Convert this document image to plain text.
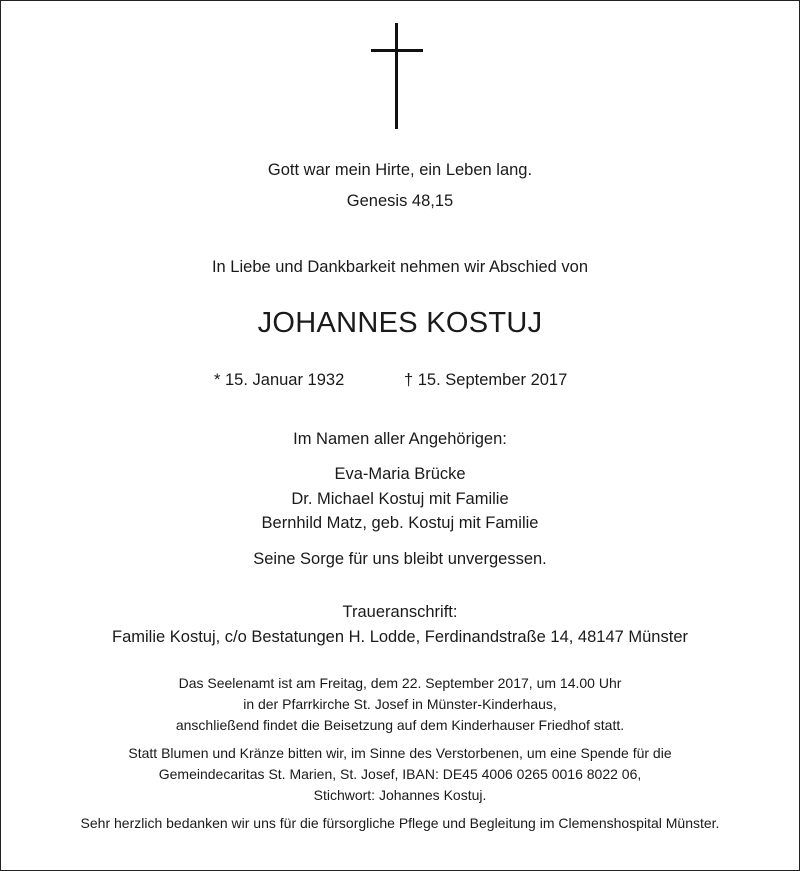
Gott war mein Hirte, ein Leben lang.

Genesis 48,15

In Liebe und Dankbarkeit nehmen wir Abschied von

JOHANNES KOSTUJ

* 15. Januar 1932	† 15. September 2017

Im Namen aller Angehörigen:

Eva-Maria Brücke

Dr. Michael Kostuj mit Familie

Bernhild Matz, geb. Kostuj mit Familie

Seine Sorge für uns bleibt unvergessen.

Traueranschrift:

Familie Kostuj, c/o Bestatungen H. Lodde, Ferdinandstraße 14, 48147 Münster

Das Seelenamt ist am Freitag, dem 22. September 2017, um 14.00 Uhr

in der Pfarrkirche St. Josef in Münster-Kinderhaus,

anschließend findet die Beisetzung auf dem Kinderhauser Friedhof statt.

Statt Blumen und Kränze bitten wir, im Sinne des Verstorbenen, um eine Spende für die

Gemeindecaritas St. Marien, St. Josef, IBAN: DE45 4006 0265 0016 8022 06,

Stichwort: Johannes Kostuj.

Sehr herzlich bedanken wir uns für die fürsorgliche Pflege und Begleitung im Clemenshospital Münster.
